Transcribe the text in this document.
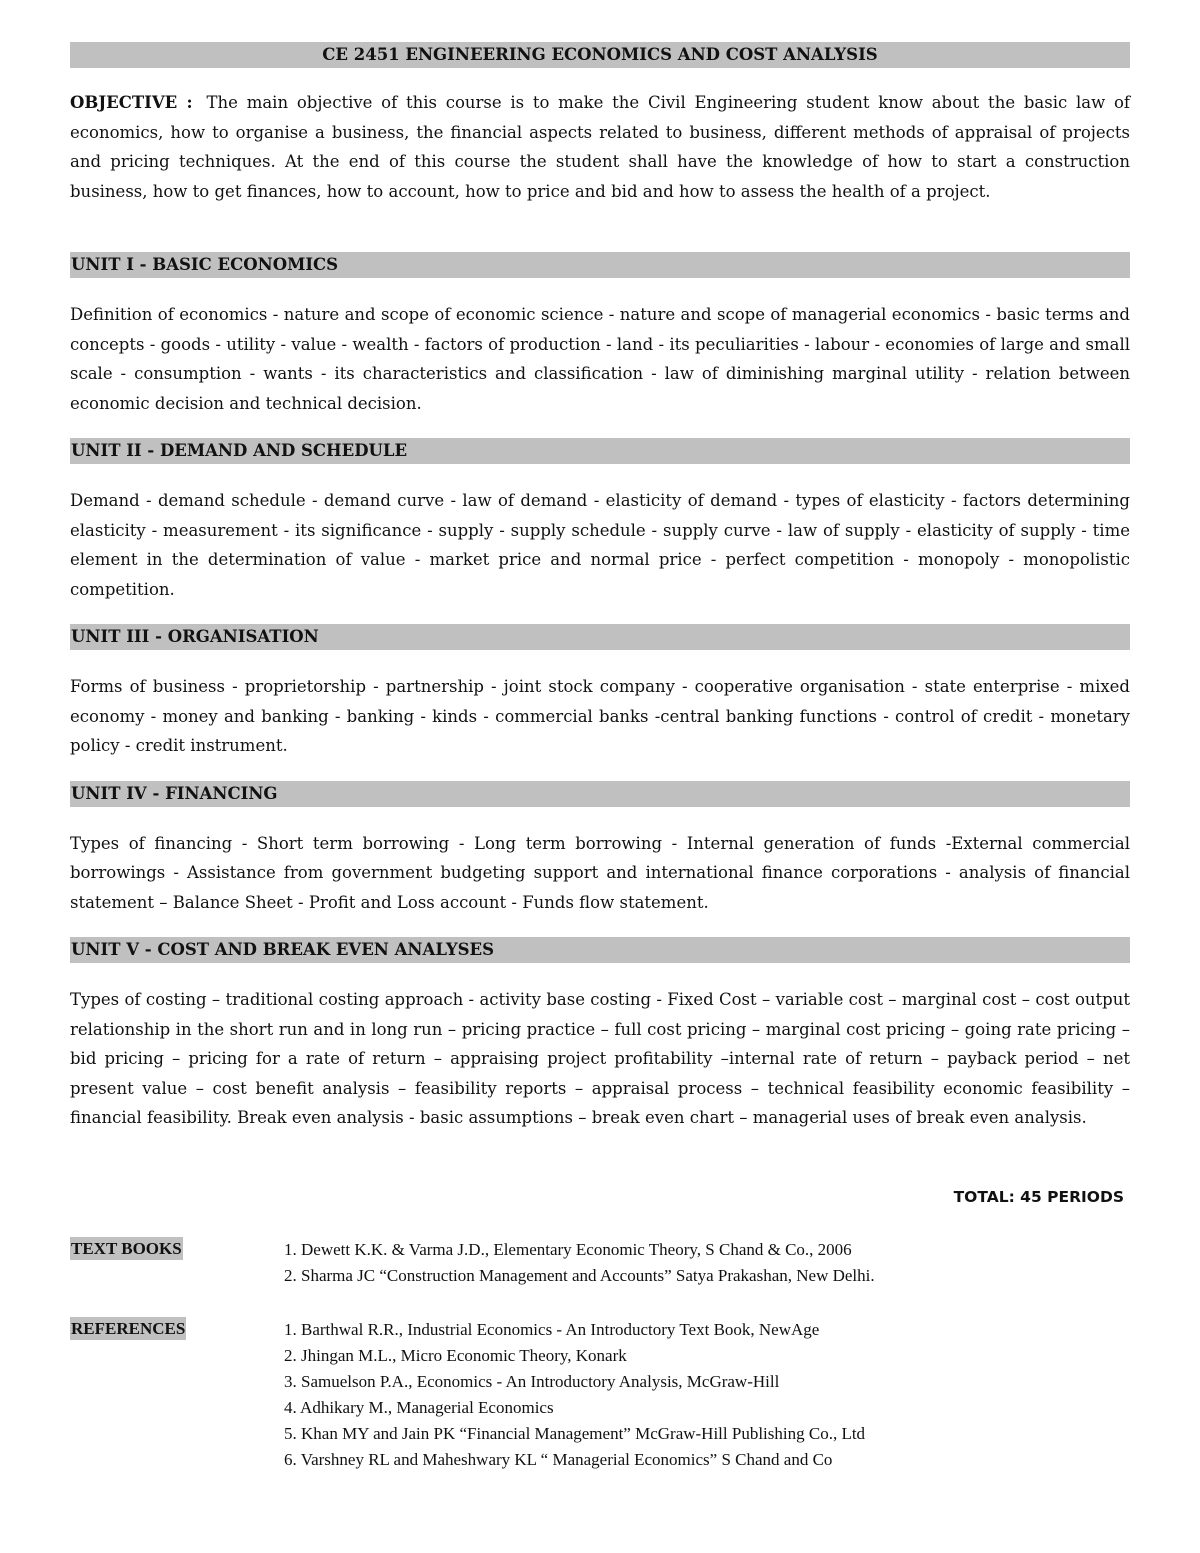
CE 2451 ENGINEERING ECONOMICS AND COST ANALYSIS
OBJECTIVE : The main objective of this course is to make the Civil Engineering student know about the basic law of economics, how to organise a business, the financial aspects related to business, different methods of appraisal of projects and pricing techniques. At the end of this course the student shall have the knowledge of how to start a construction business, how to get finances, how to account, how to price and bid and how to assess the health of a project.
UNIT I - BASIC ECONOMICS
Definition of economics - nature and scope of economic science - nature and scope of managerial economics - basic terms and concepts - goods - utility - value - wealth - factors of production - land - its peculiarities - labour - economies of large and small scale - consumption - wants - its characteristics and classification - law of diminishing marginal utility - relation between economic decision and technical decision.
UNIT II - DEMAND AND SCHEDULE
Demand - demand schedule - demand curve - law of demand - elasticity of demand - types of elasticity - factors determining elasticity - measurement - its significance - supply - supply schedule - supply curve - law of supply - elasticity of supply - time element in the determination of value - market price and normal price - perfect competition - monopoly - monopolistic competition.
UNIT III - ORGANISATION
Forms of business - proprietorship - partnership - joint stock company - cooperative organisation - state enterprise - mixed economy - money and banking - banking - kinds - commercial banks -central banking functions - control of credit - monetary policy - credit instrument.
UNIT IV - FINANCING
Types of financing - Short term borrowing - Long term borrowing - Internal generation of funds -External commercial borrowings - Assistance from government budgeting support and international finance corporations - analysis of financial statement – Balance Sheet - Profit and Loss account - Funds flow statement.
UNIT V - COST AND BREAK EVEN ANALYSES
Types of costing – traditional costing approach - activity base costing - Fixed Cost – variable cost – marginal cost – cost output relationship in the short run and in long run – pricing practice – full cost pricing – marginal cost pricing – going rate pricing – bid pricing – pricing for a rate of return – appraising project profitability –internal rate of return – payback period – net present value – cost benefit analysis – feasibility reports – appraisal process – technical feasibility economic feasibility – financial feasibility. Break even analysis - basic assumptions – break even chart – managerial uses of break even analysis.
TOTAL: 45 PERIODS
TEXT BOOKS	1. Dewett K.K. & Varma J.D., Elementary Economic Theory, S Chand & Co., 2006
2. Sharma JC “Construction Management and Accounts” Satya Prakashan, New Delhi.
REFERENCES	1. Barthwal R.R., Industrial Economics - An Introductory Text Book, NewAge
2. Jhingan M.L., Micro Economic Theory, Konark
3. Samuelson P.A., Economics - An Introductory Analysis, McGraw-Hill
4. Adhikary M., Managerial Economics
5. Khan MY and Jain PK “Financial Management” McGraw-Hill Publishing Co., Ltd
6. Varshney RL and Maheshwary KL “ Managerial Economics” S Chand and Co
